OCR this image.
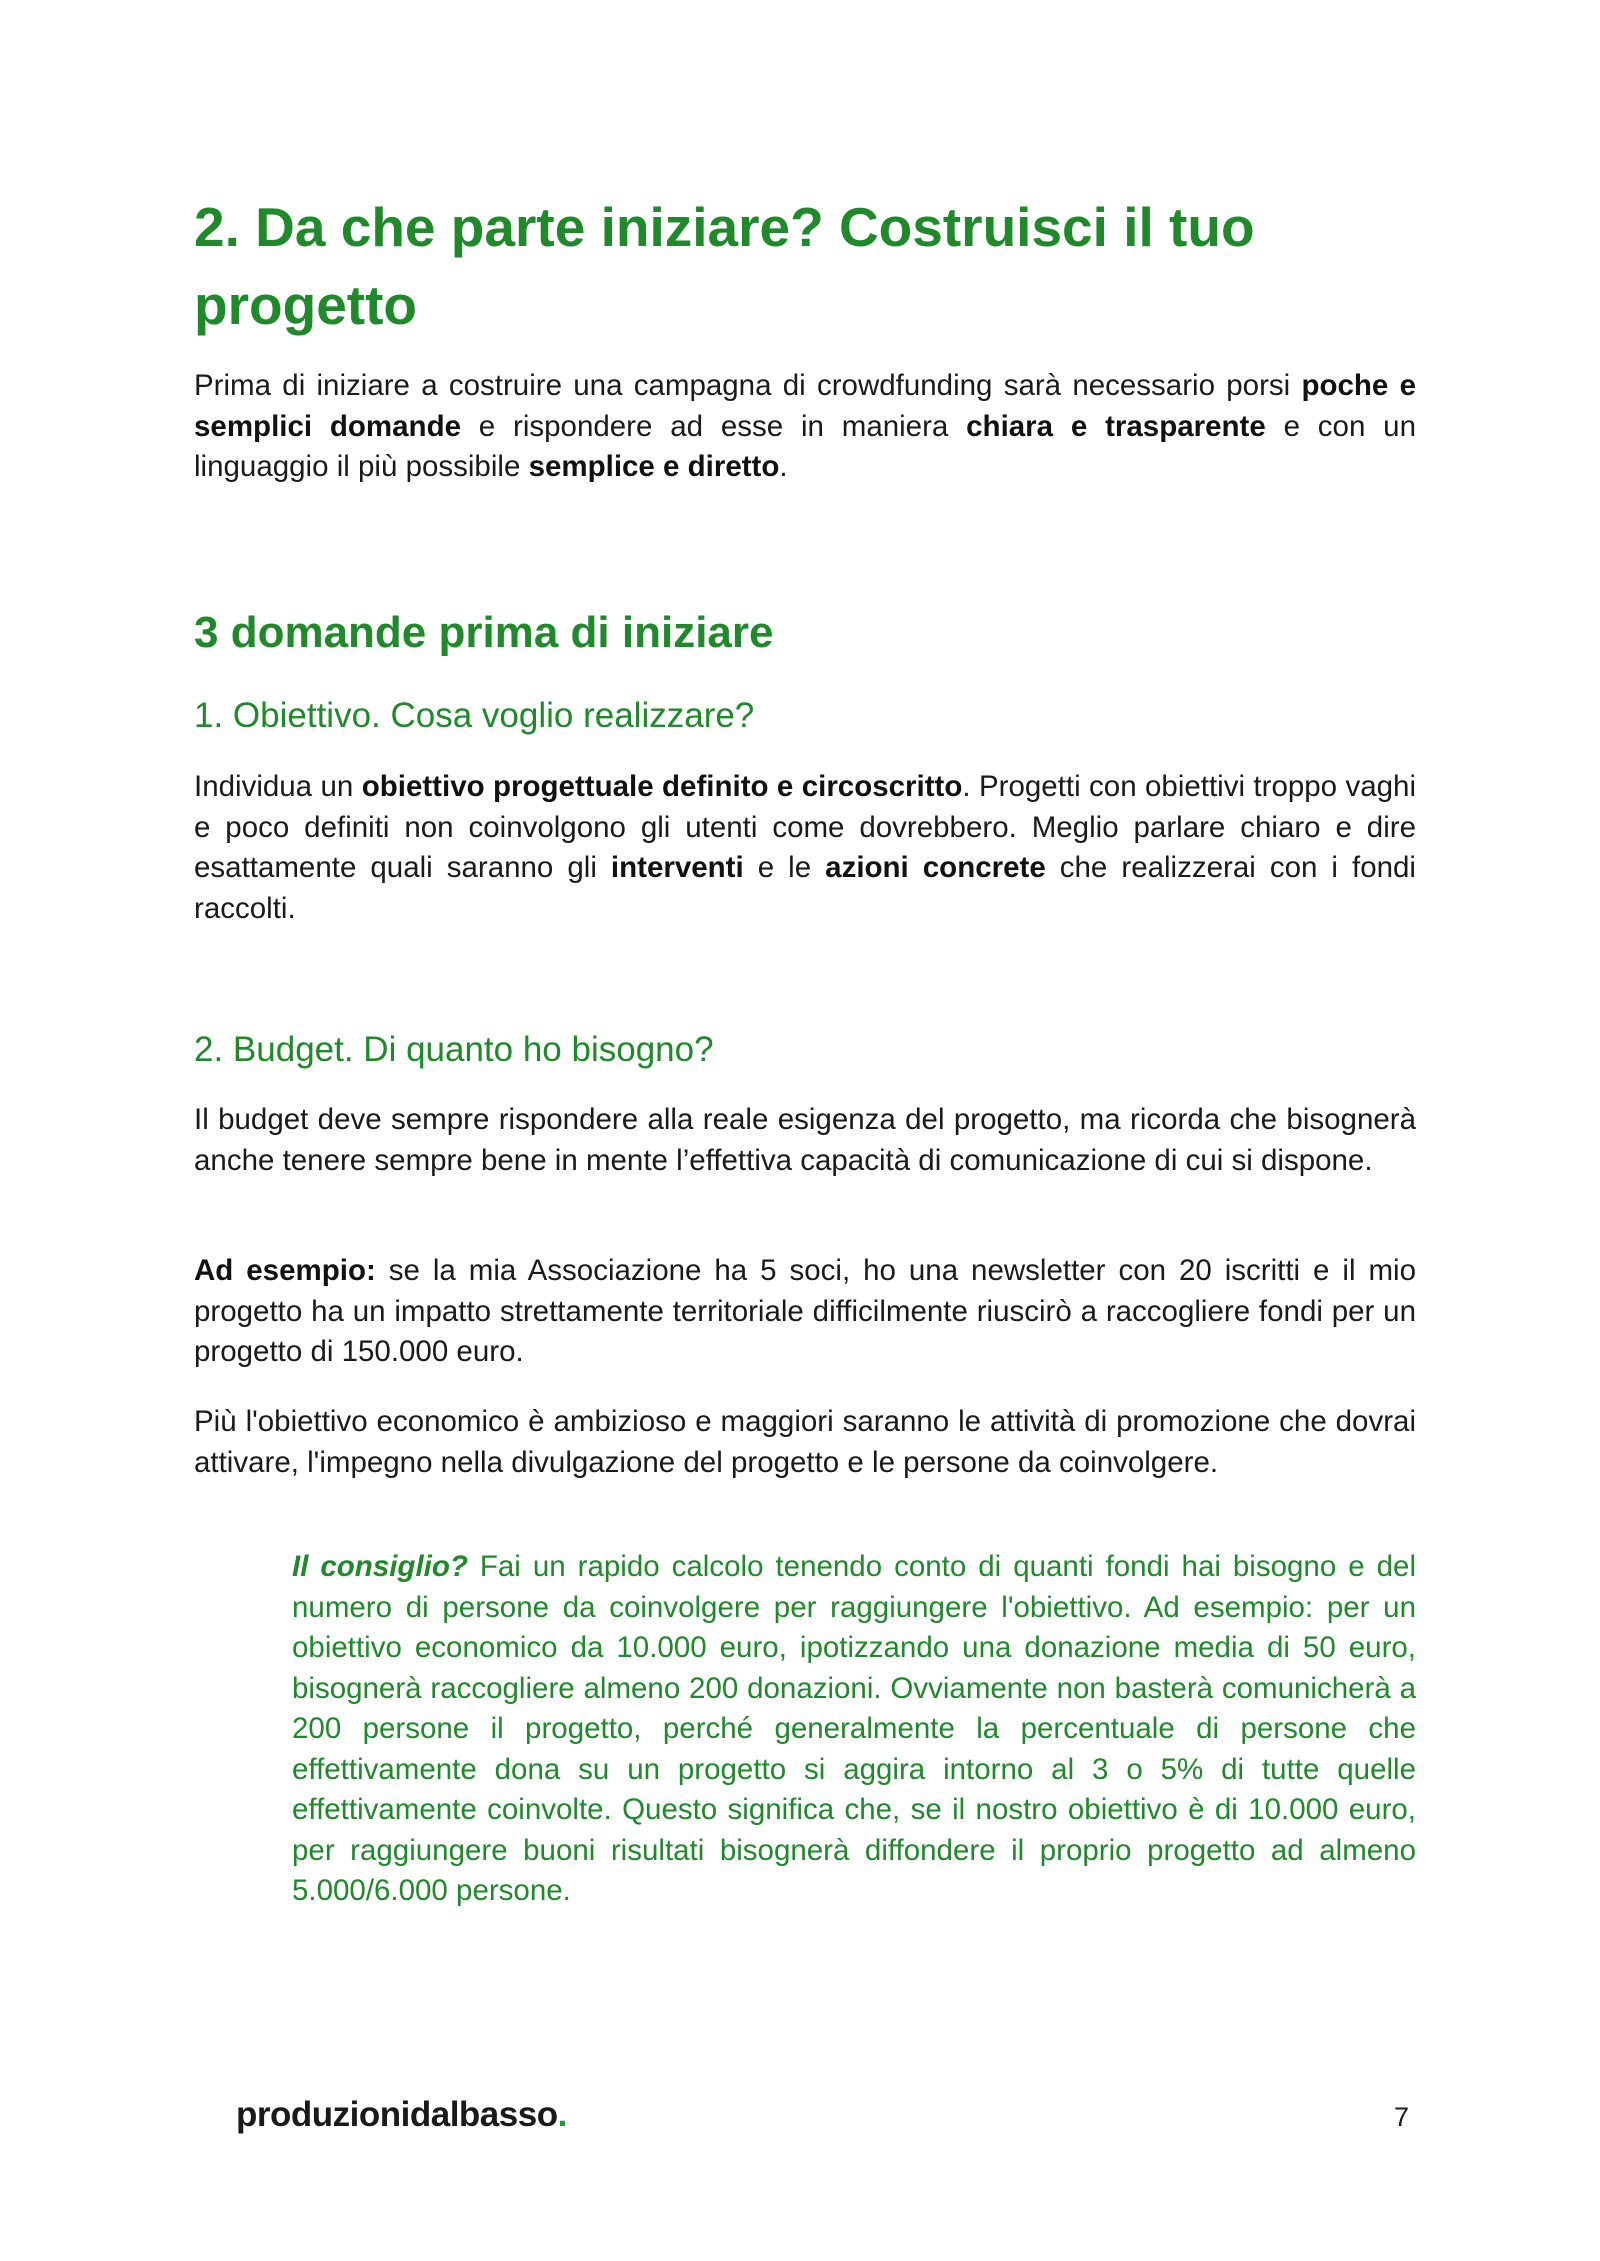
2. Da che parte iniziare? Costruisci il tuo progetto

Prima di iniziare a costruire una campagna di crowdfunding sarà necessario porsi poche e semplici domande e rispondere ad esse in maniera chiara e trasparente e con un linguaggio il più possibile semplice e diretto.

3 domande prima di iniziare
1. Obiettivo. Cosa voglio realizzare?

Individua un obiettivo progettuale definito e circoscritto. Progetti con obiettivi troppo vaghi e poco definiti non coinvolgono gli utenti come dovrebbero. Meglio parlare chiaro e dire esattamente quali saranno gli interventi e le azioni concrete che realizzerai con i fondi raccolti.

2. Budget. Di quanto ho bisogno?

Il budget deve sempre rispondere alla reale esigenza del progetto, ma ricorda che bisognerà anche tenere sempre bene in mente l’effettiva capacità di comunicazione di cui si dispone.

Ad esempio: se la mia Associazione ha 5 soci, ho una newsletter con 20 iscritti e il mio progetto ha un impatto strettamente territoriale difficilmente riuscirò a raccogliere fondi per un progetto di 150.000 euro.

Più l'obiettivo economico è ambizioso e maggiori saranno le attività di promozione che dovrai attivare, l'impegno nella divulgazione del progetto e le persone da coinvolgere.

Il consiglio? Fai un rapido calcolo tenendo conto di quanti fondi hai bisogno e del numero di persone da coinvolgere per raggiungere l'obiettivo. Ad esempio: per un obiettivo economico da 10.000 euro, ipotizzando una donazione media di 50 euro, bisognerà raccogliere almeno 200 donazioni. Ovviamente non basterà comunicherà a 200 persone il progetto, perché generalmente la percentuale di persone che effettivamente dona su un progetto si aggira intorno al 3 o 5% di tutte quelle effettivamente coinvolte. Questo significa che, se il nostro obiettivo è di 10.000 euro, per raggiungere buoni risultati bisognerà diffondere il proprio progetto ad almeno 5.000/6.000 persone.

produzionidalbasso.	7
